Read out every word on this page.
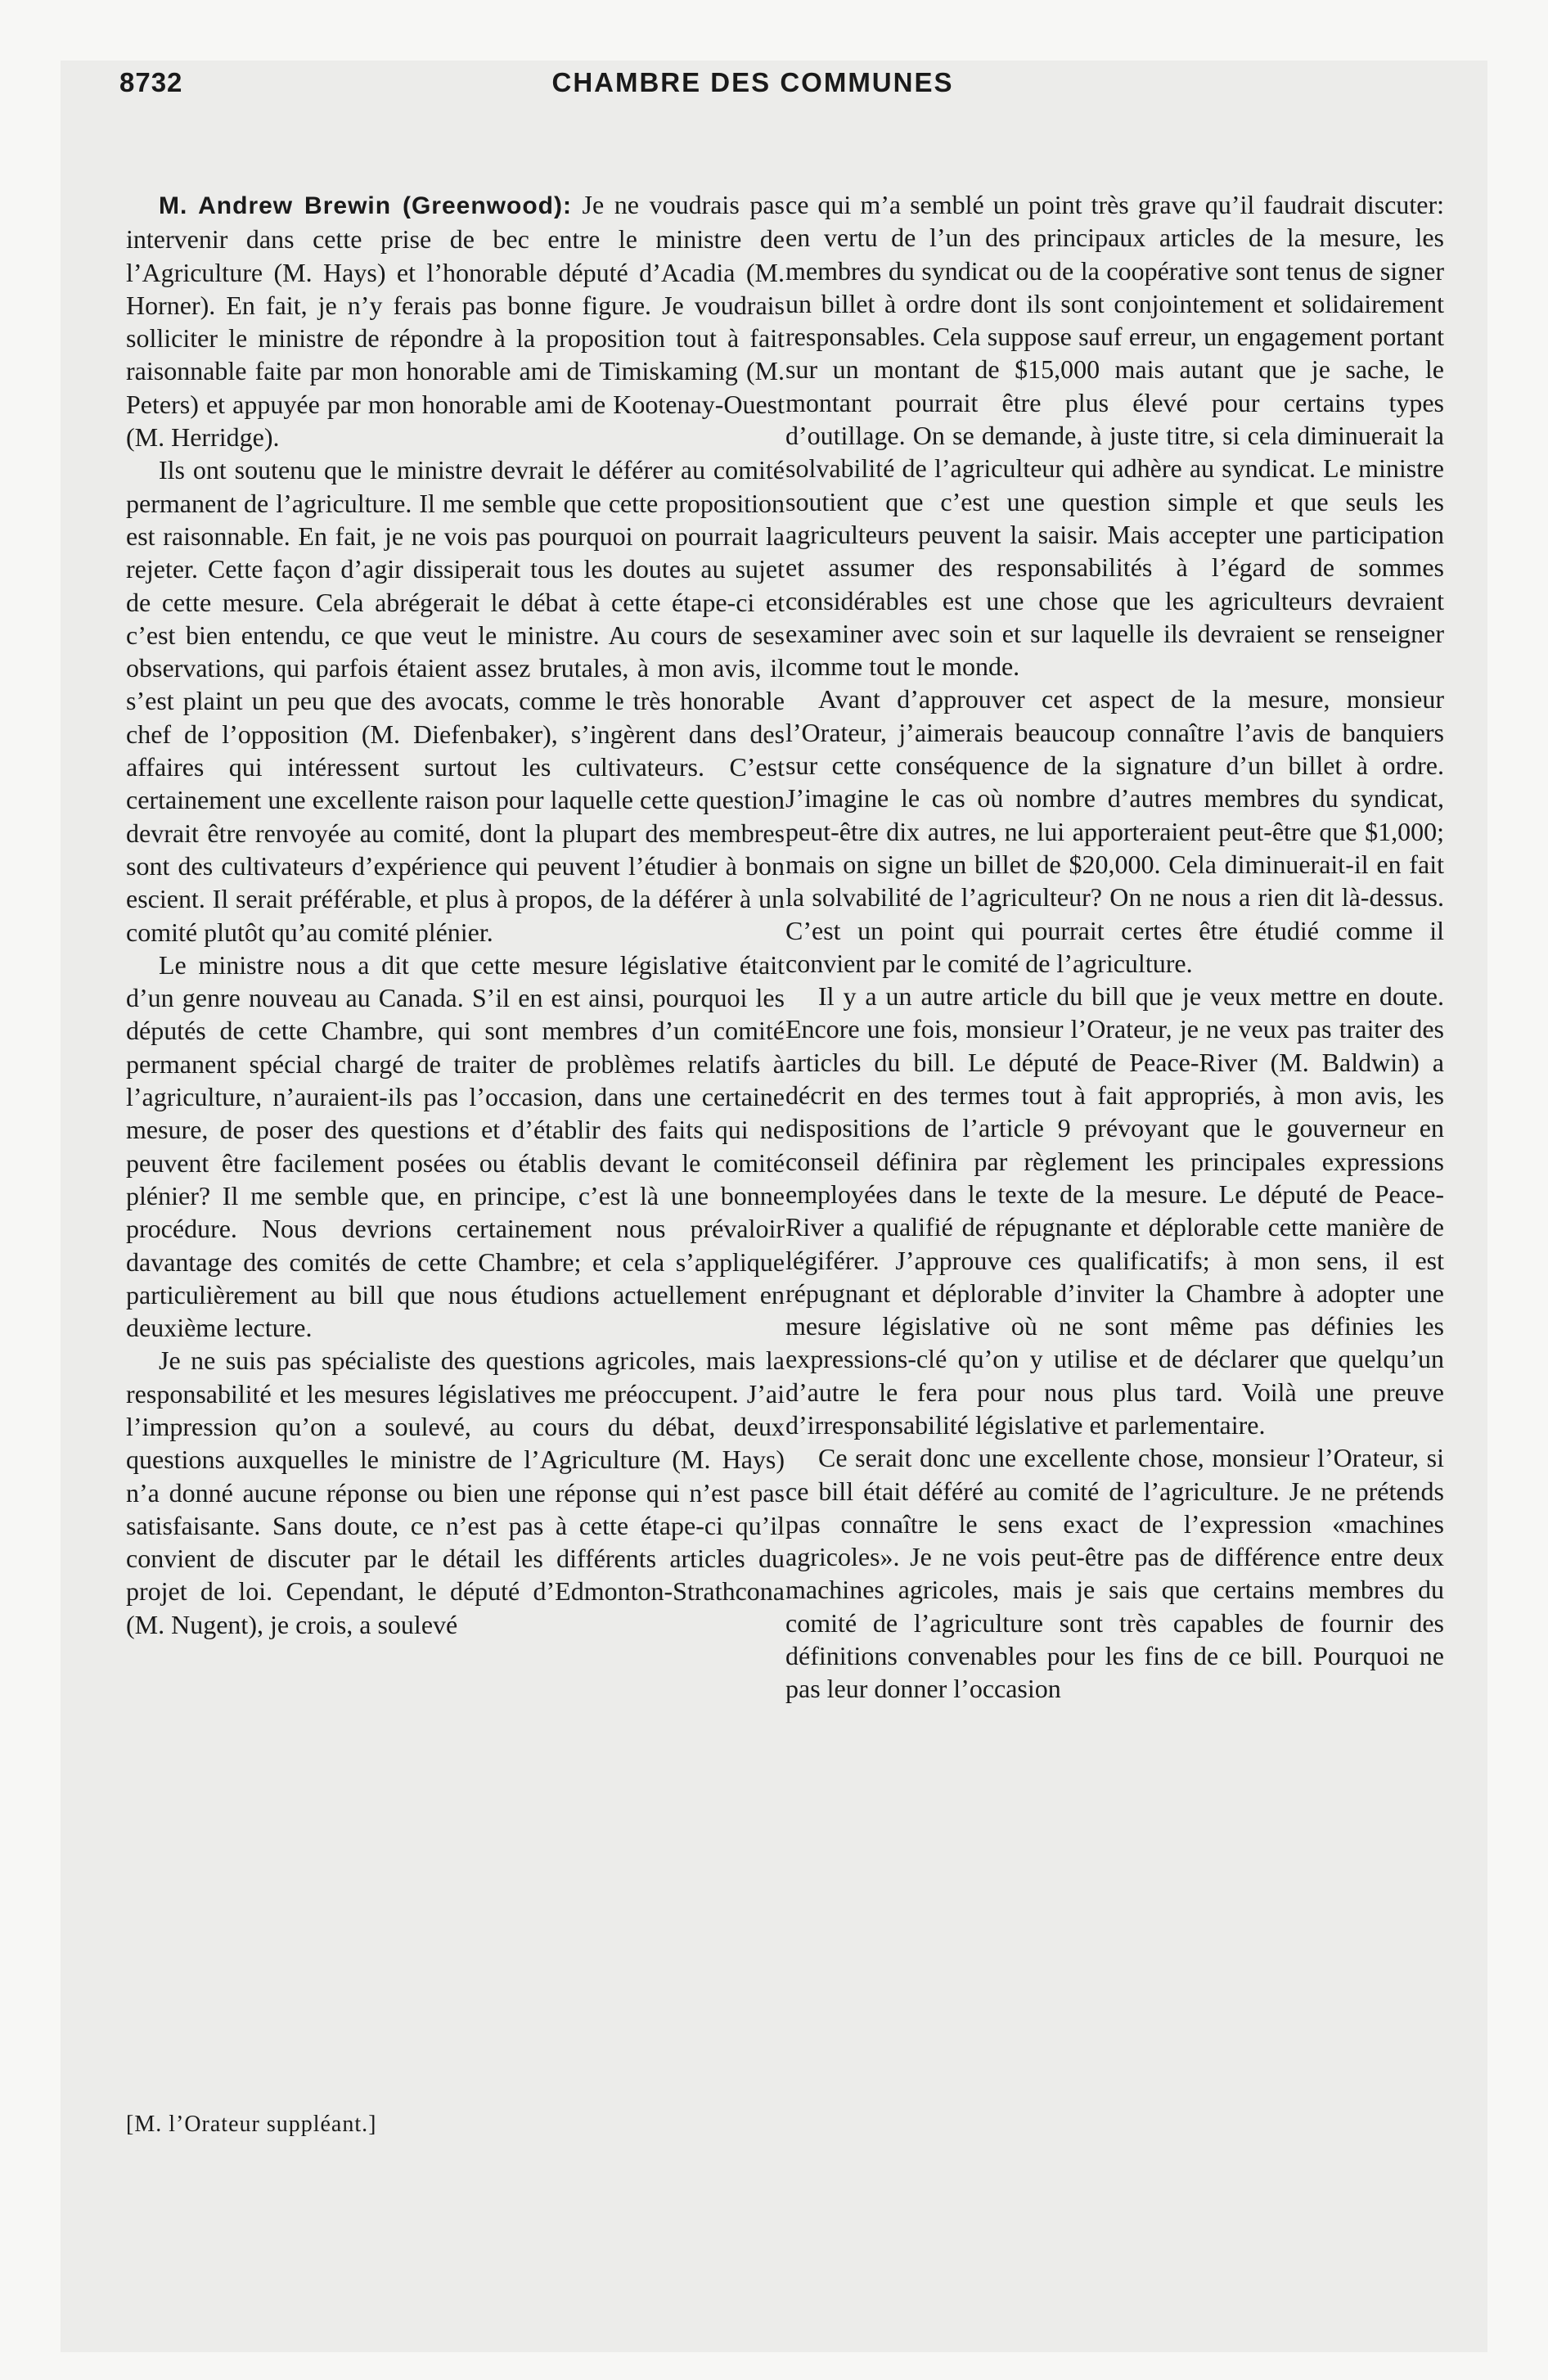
8732	CHAMBRE DES COMMUNES

M. Andrew Brewin (Greenwood): Je ne voudrais pas intervenir dans cette prise de bec entre le ministre de l’Agriculture (M. Hays) et l’honorable député d’Acadia (M. Horner). En fait, je n’y ferais pas bonne figure. Je voudrais solliciter le ministre de répondre à la proposition tout à fait raisonnable faite par mon honorable ami de Timiskaming (M. Peters) et appuyée par mon honorable ami de Kootenay-Ouest (M. Herridge).

Ils ont soutenu que le ministre devrait le déférer au comité permanent de l’agriculture. Il me semble que cette proposition est raisonnable. En fait, je ne vois pas pourquoi on pourrait la rejeter. Cette façon d’agir dissiperait tous les doutes au sujet de cette mesure. Cela abrégerait le débat à cette étape-ci et c’est bien entendu, ce que veut le ministre. Au cours de ses observations, qui parfois étaient assez brutales, à mon avis, il s’est plaint un peu que des avocats, comme le très honorable chef de l’opposition (M. Diefenbaker), s’ingèrent dans des affaires qui intéressent surtout les cultivateurs. C’est certainement une excellente raison pour laquelle cette question devrait être renvoyée au comité, dont la plupart des membres sont des cultivateurs d’expérience qui peuvent l’étudier à bon escient. Il serait préférable, et plus à propos, de la déférer à un comité plutôt qu’au comité plénier.

Le ministre nous a dit que cette mesure législative était d’un genre nouveau au Canada. S’il en est ainsi, pourquoi les députés de cette Chambre, qui sont membres d’un comité permanent spécial chargé de traiter de problèmes relatifs à l’agriculture, n’auraient-ils pas l’occasion, dans une certaine mesure, de poser des questions et d’établir des faits qui ne peuvent être facilement posées ou établis devant le comité plénier? Il me semble que, en principe, c’est là une bonne procédure. Nous devrions certainement nous prévaloir davantage des comités de cette Chambre; et cela s’applique particulièrement au bill que nous étudions actuellement en deuxième lecture.

Je ne suis pas spécialiste des questions agricoles, mais la responsabilité et les mesures législatives me préoccupent. J’ai l’impression qu’on a soulevé, au cours du débat, deux questions auxquelles le ministre de l’Agriculture (M. Hays) n’a donné aucune réponse ou bien une réponse qui n’est pas satisfaisante. Sans doute, ce n’est pas à cette étape-ci qu’il convient de discuter par le détail les différents articles du projet de loi. Cependant, le député d’Edmonton-Strathcona (M. Nugent), je crois, a soulevé

ce qui m’a semblé un point très grave qu’il faudrait discuter: en vertu de l’un des principaux articles de la mesure, les membres du syndicat ou de la coopérative sont tenus de signer un billet à ordre dont ils sont conjointement et solidairement responsables. Cela suppose sauf erreur, un engagement portant sur un montant de $15,000 mais autant que je sache, le montant pourrait être plus élevé pour certains types d’outillage. On se demande, à juste titre, si cela diminuerait la solvabilité de l’agriculteur qui adhère au syndicat. Le ministre soutient que c’est une question simple et que seuls les agriculteurs peuvent la saisir. Mais accepter une participation et assumer des responsabilités à l’égard de sommes considérables est une chose que les agriculteurs devraient examiner avec soin et sur laquelle ils devraient se renseigner comme tout le monde.

Avant d’approuver cet aspect de la mesure, monsieur l’Orateur, j’aimerais beaucoup connaître l’avis de banquiers sur cette conséquence de la signature d’un billet à ordre. J’imagine le cas où nombre d’autres membres du syndicat, peut-être dix autres, ne lui apporteraient peut-être que $1,000; mais on signe un billet de $20,000. Cela diminuerait-il en fait la solvabilité de l’agriculteur? On ne nous a rien dit là-dessus. C’est un point qui pourrait certes être étudié comme il convient par le comité de l’agriculture.

Il y a un autre article du bill que je veux mettre en doute. Encore une fois, monsieur l’Orateur, je ne veux pas traiter des articles du bill. Le député de Peace-River (M. Baldwin) a décrit en des termes tout à fait appropriés, à mon avis, les dispositions de l’article 9 prévoyant que le gouverneur en conseil définira par règlement les principales expressions employées dans le texte de la mesure. Le député de Peace-River a qualifié de répugnante et déplorable cette manière de légiférer. J’approuve ces qualificatifs; à mon sens, il est répugnant et déplorable d’inviter la Chambre à adopter une mesure législative où ne sont même pas définies les expressions-clé qu’on y utilise et de déclarer que quelqu’un d’autre le fera pour nous plus tard. Voilà une preuve d’irresponsabilité législative et parlementaire.

Ce serait donc une excellente chose, monsieur l’Orateur, si ce bill était déféré au comité de l’agriculture. Je ne prétends pas connaître le sens exact de l’expression «machines agricoles». Je ne vois peut-être pas de différence entre deux machines agricoles, mais je sais que certains membres du comité de l’agriculture sont très capables de fournir des définitions convenables pour les fins de ce bill. Pourquoi ne pas leur donner l’occasion

[M. l’Orateur suppléant.]
